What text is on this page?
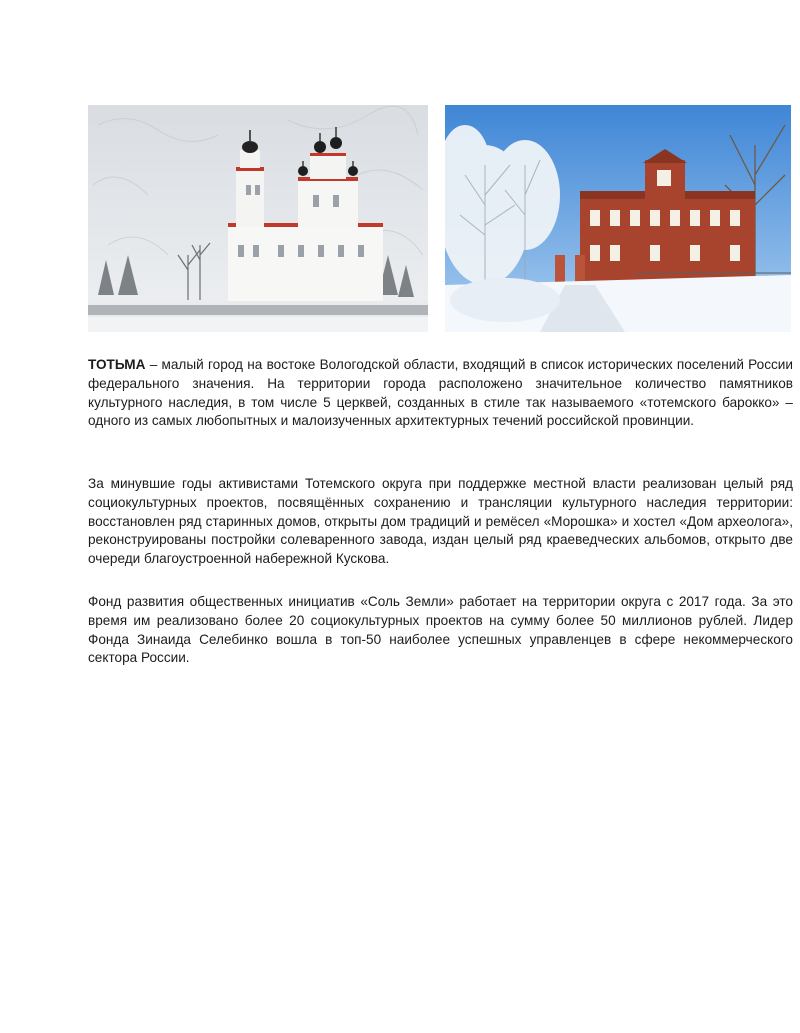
ТОТЬМА – малый город на востоке Вологодской области, входящий в список исторических поселений России федерального значения. На территории города расположено значительное количество памятников культурного наследия, в том числе 5 церквей, созданных в стиле так называемого «тотемского барокко» – одного из самых любопытных и малоизученных архитектурных течений российской провинции.
За минувшие годы активистами Тотемского округа при поддержке местной власти реализован целый ряд социокультурных проектов, посвящённых сохранению и трансляции культурного наследия территории: восстановлен ряд старинных домов, открыты дом традиций и ремёсел «Морошка» и хостел «Дом археолога», реконструированы постройки солеваренного завода, издан целый ряд краеведческих альбомов, открыто две очереди благоустроенной набережной Кускова.
Фонд развития общественных инициатив «Соль Земли» работает на территории округа с 2017 года. За это время им реализовано более 20 социокультурных проектов на сумму более 50 миллионов рублей. Лидер Фонда Зинаида Селебинко вошла в топ-50 наиболее успешных управленцев в сфере некоммерческого сектора России.
